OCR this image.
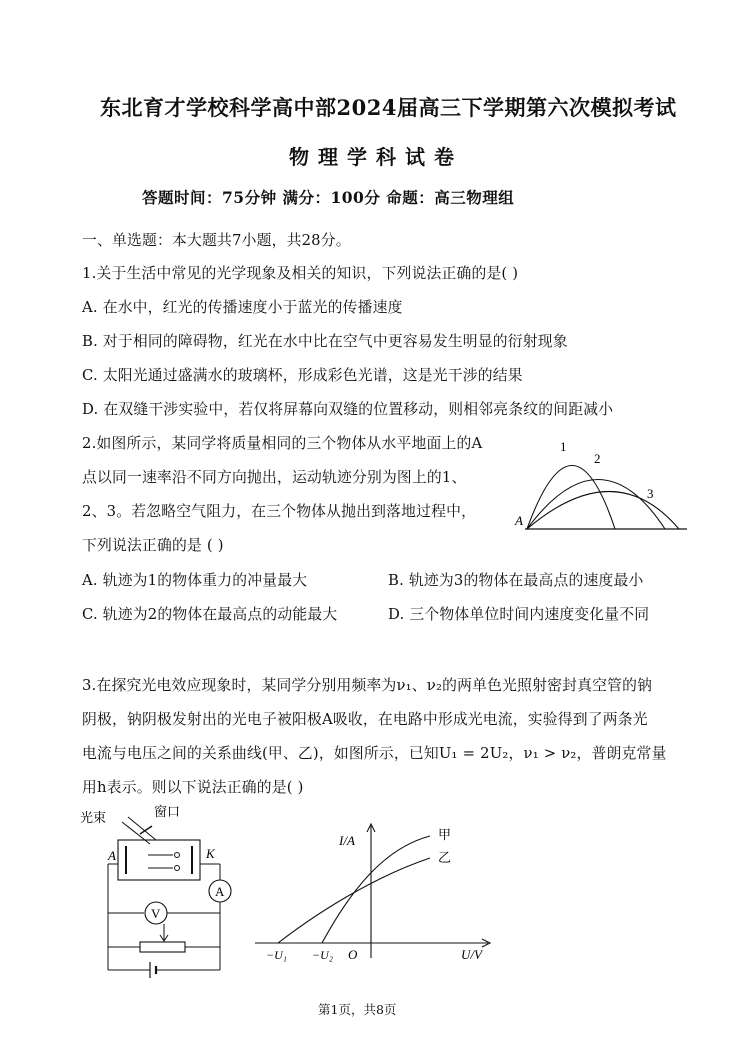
东北育才学校科学高中部2024届高三下学期第六次模拟考试
物理学科试卷
答题时间：75分钟 满分：100分 命题：高三物理组
一、单选题：本大题共7小题，共28分。
1.关于生活中常见的光学现象及相关的知识，下列说法正确的是( )
A. 在水中，红光的传播速度小于蓝光的传播速度
B. 对于相同的障碍物，红光在水中比在空气中更容易发生明显的衍射现象
C. 太阳光通过盛满水的玻璃杯，形成彩色光谱，这是光干涉的结果
D. 在双缝干涉实验中，若仅将屏幕向双缝的位置移动，则相邻亮条纹的间距减小
2.如图所示，某同学将质量相同的三个物体从水平地面上的A
点以同一速率沿不同方向抛出，运动轨迹分别为图上的1、
2、3。若忽略空气阻力，在三个物体从抛出到落地过程中，
下列说法正确的是 ( )
A. 轨迹为1的物体重力的冲量最大	B. 轨迹为3的物体在最高点的速度最小
C. 轨迹为2的物体在最高点的动能最大	D. 三个物体单位时间内速度变化量不同
A
1
2
3
3.在探究光电效应现象时，某同学分别用频率为ν₁、ν₂的两单色光照射密封真空管的钠
阴极，钠阴极发射出的光电子被阳极A吸收，在电路中形成光电流，实验得到了两条光
电流与电压之间的关系曲线(甲、乙)，如图所示，已知U₁ = 2U₂，ν₁ > ν₂，普朗克常量
用h表示。则以下说法正确的是( )
光束	窗口
A	K
A
V
I/A
U/V
O
−U₁ −U₂
甲
乙
第1页，共8页
